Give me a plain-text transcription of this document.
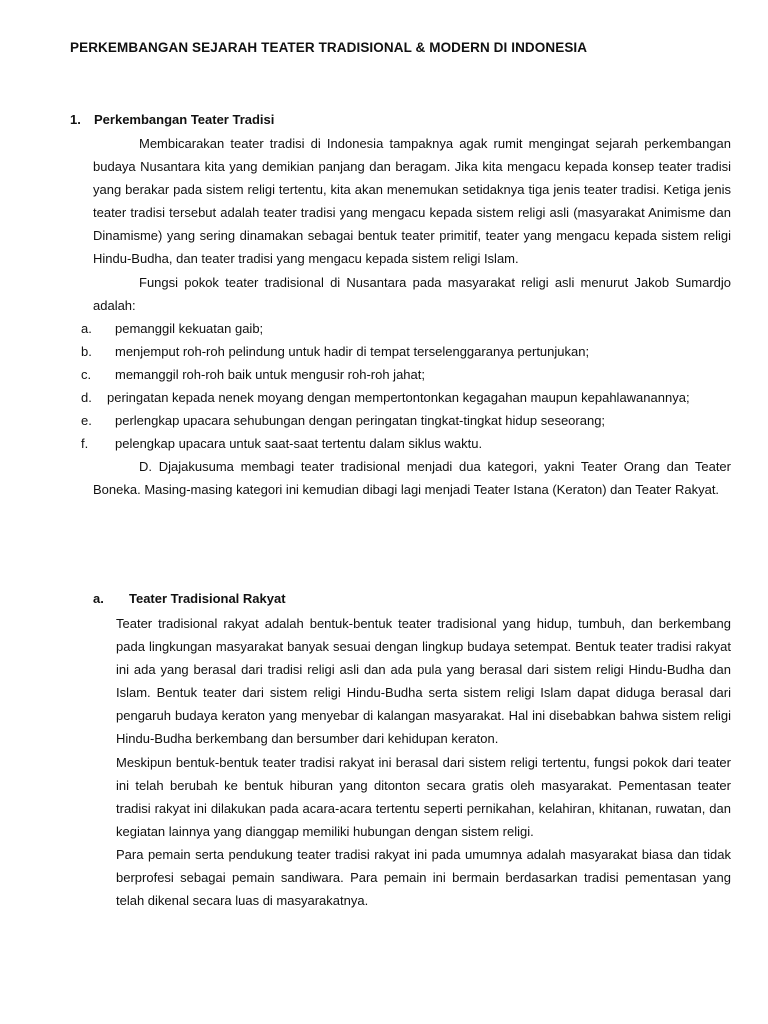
PERKEMBANGAN SEJARAH TEATER TRADISIONAL & MODERN DI INDONESIA
1. Perkembangan Teater Tradisi

Membicarakan teater tradisi di Indonesia tampaknya agak rumit mengingat sejarah perkembangan budaya Nusantara kita yang demikian panjang dan beragam. Jika kita mengacu kepada konsep teater tradisi yang berakar pada sistem religi tertentu, kita akan menemukan setidaknya tiga jenis teater tradisi. Ketiga jenis teater tradisi tersebut adalah teater tradisi yang mengacu kepada sistem religi asli (masyarakat Animisme dan Dinamisme) yang sering dinamakan sebagai bentuk teater primitif, teater yang mengacu kepada sistem religi Hindu-Budha, dan teater tradisi yang mengacu kepada sistem religi Islam.

Fungsi pokok teater tradisional di Nusantara pada masyarakat religi asli menurut Jakob Sumardjo adalah:

a. pemanggil kekuatan gaib;
b. menjemput roh-roh pelindung untuk hadir di tempat terselenggaranya pertunjukan;
c. memanggil roh-roh baik untuk mengusir roh-roh jahat;
d. peringatan kepada nenek moyang dengan mempertontonkan kegagahan maupun kepahlawanannya;
e. perlengkap upacara sehubungan dengan peringatan tingkat-tingkat hidup seseorang;
f. pelengkap upacara untuk saat-saat tertentu dalam siklus waktu.

D. Djajakusuma membagi teater tradisional menjadi dua kategori, yakni Teater Orang dan Teater Boneka. Masing-masing kategori ini kemudian dibagi lagi menjadi Teater Istana (Keraton) dan Teater Rakyat.

a. Teater Tradisional Rakyat

Teater tradisional rakyat adalah bentuk-bentuk teater tradisional yang hidup, tumbuh, dan berkembang pada lingkungan masyarakat banyak sesuai dengan lingkup budaya setempat. Bentuk teater tradisi rakyat ini ada yang berasal dari tradisi religi asli dan ada pula yang berasal dari sistem religi Hindu-Budha dan Islam. Bentuk teater dari sistem religi Hindu-Budha serta sistem religi Islam dapat diduga berasal dari pengaruh budaya keraton yang menyebar di kalangan masyarakat. Hal ini disebabkan bahwa sistem religi Hindu-Budha berkembang dan bersumber dari kehidupan keraton.

Meskipun bentuk-bentuk teater tradisi rakyat ini berasal dari sistem religi tertentu, fungsi pokok dari teater ini telah berubah ke bentuk hiburan yang ditonton secara gratis oleh masyarakat. Pementasan teater tradisi rakyat ini dilakukan pada acara-acara tertentu seperti pernikahan, kelahiran, khitanan, ruwatan, dan kegiatan lainnya yang dianggap memiliki hubungan dengan sistem religi.

Para pemain serta pendukung teater tradisi rakyat ini pada umumnya adalah masyarakat biasa dan tidak berprofesi sebagai pemain sandiwara. Para pemain ini bermain berdasarkan tradisi pementasan yang telah dikenal secara luas di masyarakatnya.
